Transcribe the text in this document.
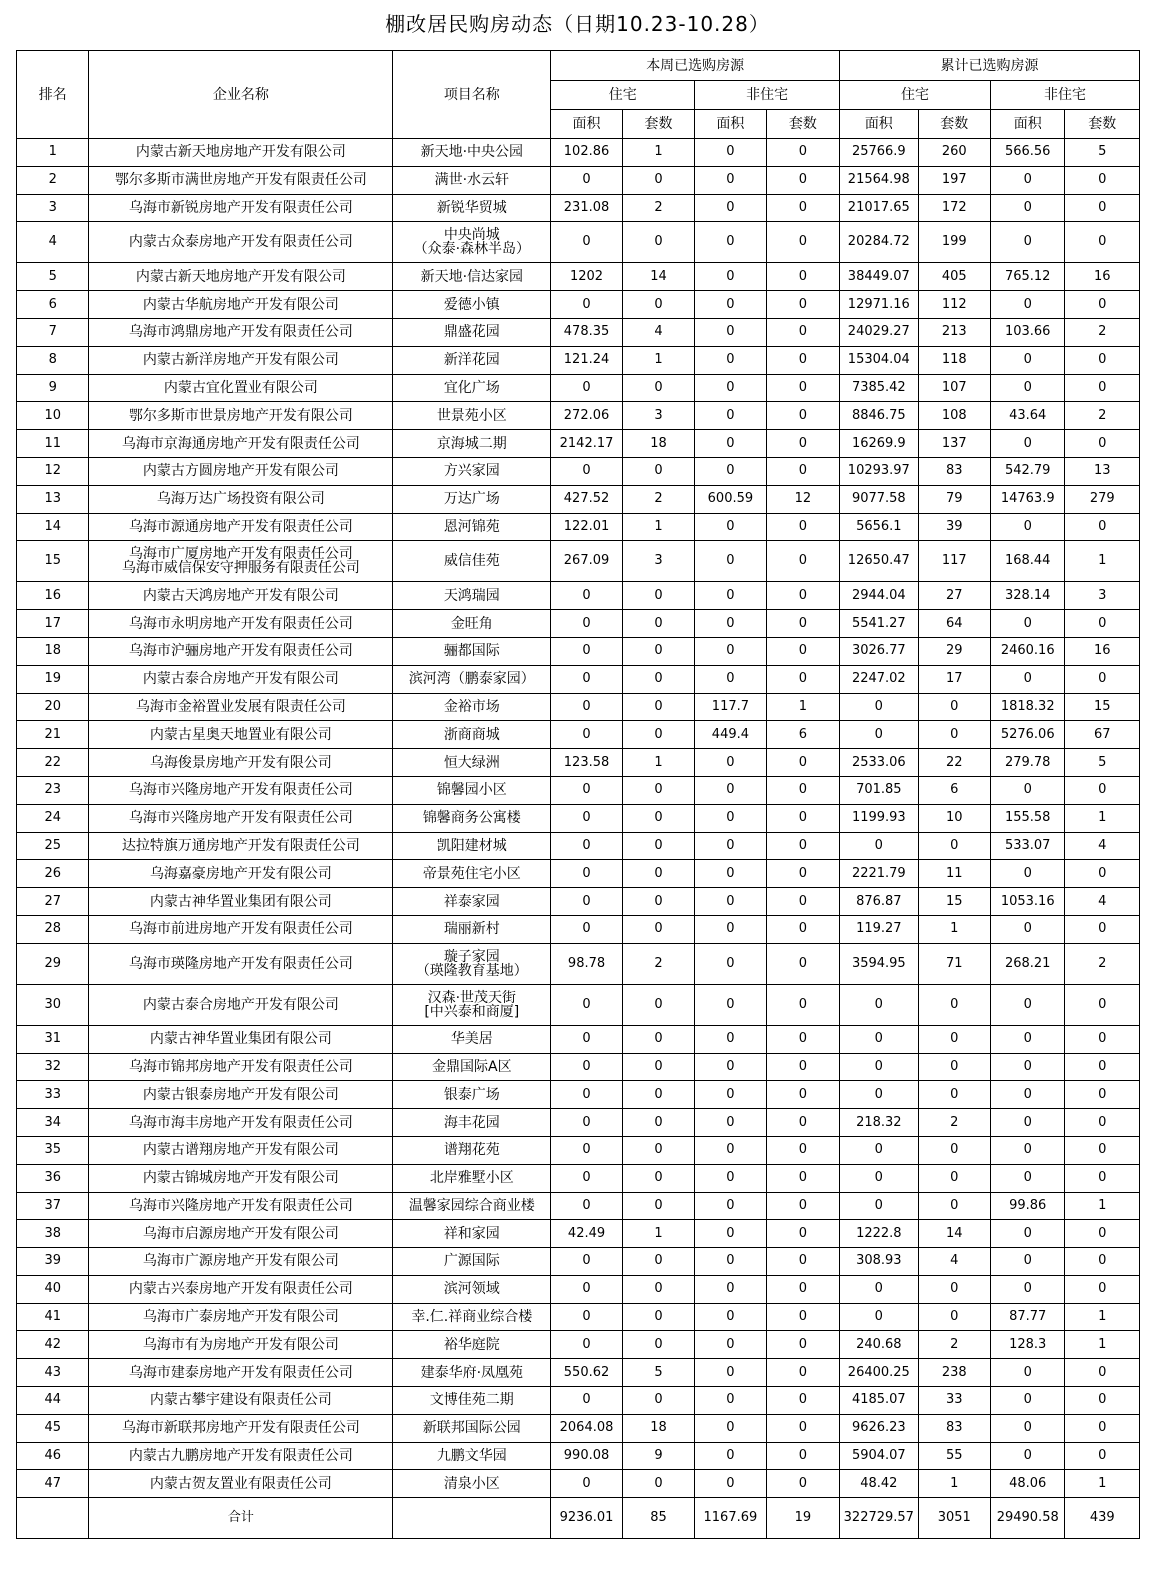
棚改居民购房动态（日期10.23-10.28）
排名	企业名称	项目名称	本周已选购房源				累计已选购房源			
			住宅		非住宅		住宅		非住宅	
			面积	套数	面积	套数	面积	套数	面积	套数
1	内蒙古新天地房地产开发有限公司	新天地·中央公园	102.86	1	0	0	25766.9	260	566.56	5
2	鄂尔多斯市满世房地产开发有限责任公司	满世·水云轩	0	0	0	0	21564.98	197	0	0
3	乌海市新锐房地产开发有限责任公司	新锐华贸城	231.08	2	0	0	21017.65	172	0	0
4	内蒙古众泰房地产开发有限责任公司	中央尚城
（众泰·森林半岛）	0	0	0	0	20284.72	199	0	0
5	内蒙古新天地房地产开发有限公司	新天地·信达家园	1202	14	0	0	38449.07	405	765.12	16
6	内蒙古华航房地产开发有限公司	爱德小镇	0	0	0	0	12971.16	112	0	0
7	乌海市鸿鼎房地产开发有限责任公司	鼎盛花园	478.35	4	0	0	24029.27	213	103.66	2
8	内蒙古新洋房地产开发有限公司	新洋花园	121.24	1	0	0	15304.04	118	0	0
9	内蒙古宜化置业有限公司	宜化广场	0	0	0	0	7385.42	107	0	0
10	鄂尔多斯市世景房地产开发有限公司	世景苑小区	272.06	3	0	0	8846.75	108	43.64	2
11	乌海市京海通房地产开发有限责任公司	京海城二期	2142.17	18	0	0	16269.9	137	0	0
12	内蒙古方圆房地产开发有限公司	方兴家园	0	0	0	0	10293.97	83	542.79	13
13	乌海万达广场投资有限公司	万达广场	427.52	2	600.59	12	9077.58	79	14763.9	279
14	乌海市源通房地产开发有限责任公司	恩河锦苑	122.01	1	0	0	5656.1	39	0	0
15	乌海市广厦房地产开发有限责任公司
乌海市威信保安守押服务有限责任公司	威信佳苑	267.09	3	0	0	12650.47	117	168.44	1
16	内蒙古天鸿房地产开发有限公司	天鸿瑞园	0	0	0	0	2944.04	27	328.14	3
17	乌海市永明房地产开发有限责任公司	金旺角	0	0	0	0	5541.27	64	0	0
18	乌海市沪骊房地产开发有限责任公司	骊都国际	0	0	0	0	3026.77	29	2460.16	16
19	内蒙古泰合房地产开发有限公司	滨河湾（鹏泰家园）	0	0	0	0	2247.02	17	0	0
20	乌海市金裕置业发展有限责任公司	金裕市场	0	0	117.7	1	0	0	1818.32	15
21	内蒙古星奥天地置业有限公司	浙商商城	0	0	449.4	6	0	0	5276.06	67
22	乌海俊景房地产开发有限公司	恒大绿洲	123.58	1	0	0	2533.06	22	279.78	5
23	乌海市兴隆房地产开发有限责任公司	锦馨园小区	0	0	0	0	701.85	6	0	0
24	乌海市兴隆房地产开发有限责任公司	锦馨商务公寓楼	0	0	0	0	1199.93	10	155.58	1
25	达拉特旗万通房地产开发有限责任公司	凯阳建材城	0	0	0	0	0	0	533.07	4
26	乌海嘉豪房地产开发有限公司	帝景苑住宅小区	0	0	0	0	2221.79	11	0	0
27	内蒙古神华置业集团有限公司	祥泰家园	0	0	0	0	876.87	15	1053.16	4
28	乌海市前进房地产开发有限责任公司	瑞丽新村	0	0	0	0	119.27	1	0	0
29	乌海市瑛隆房地产开发有限责任公司	璇子家园
（瑛隆教育基地）	98.78	2	0	0	3594.95	71	268.21	2
30	内蒙古泰合房地产开发有限公司	汉森·世茂天街
[中兴泰和商厦]	0	0	0	0	0	0	0	0
31	内蒙古神华置业集团有限公司	华美居	0	0	0	0	0	0	0	0
32	乌海市锦邦房地产开发有限责任公司	金鼎国际A区	0	0	0	0	0	0	0	0
33	内蒙古银泰房地产开发有限公司	银泰广场	0	0	0	0	0	0	0	0
34	乌海市海丰房地产开发有限责任公司	海丰花园	0	0	0	0	218.32	2	0	0
35	内蒙古谱翔房地产开发有限公司	谱翔花苑	0	0	0	0	0	0	0	0
36	内蒙古锦城房地产开发有限公司	北岸雅墅小区	0	0	0	0	0	0	0	0
37	乌海市兴隆房地产开发有限责任公司	温馨家园综合商业楼	0	0	0	0	0	0	99.86	1
38	乌海市启源房地产开发有限公司	祥和家园	42.49	1	0	0	1222.8	14	0	0
39	乌海市广源房地产开发有限公司	广源国际	0	0	0	0	308.93	4	0	0
40	内蒙古兴泰房地产开发有限责任公司	滨河领域	0	0	0	0	0	0	0	0
41	乌海市广泰房地产开发有限公司	幸.仁.祥商业综合楼	0	0	0	0	0	0	87.77	1
42	乌海市有为房地产开发有限公司	裕华庭院	0	0	0	0	240.68	2	128.3	1
43	乌海市建泰房地产开发有限责任公司	建泰华府·凤凰苑	550.62	5	0	0	26400.25	238	0	0
44	内蒙古攀宇建设有限责任公司	文博佳苑二期	0	0	0	0	4185.07	33	0	0
45	乌海市新联邦房地产开发有限责任公司	新联邦国际公园	2064.08	18	0	0	9626.23	83	0	0
46	内蒙古九鹏房地产开发有限责任公司	九鹏文华园	990.08	9	0	0	5904.07	55	0	0
47	内蒙古贺友置业有限责任公司	清泉小区	0	0	0	0	48.42	1	48.06	1
	合计		9236.01	85	1167.69	19	322729.57	3051	29490.58	439
